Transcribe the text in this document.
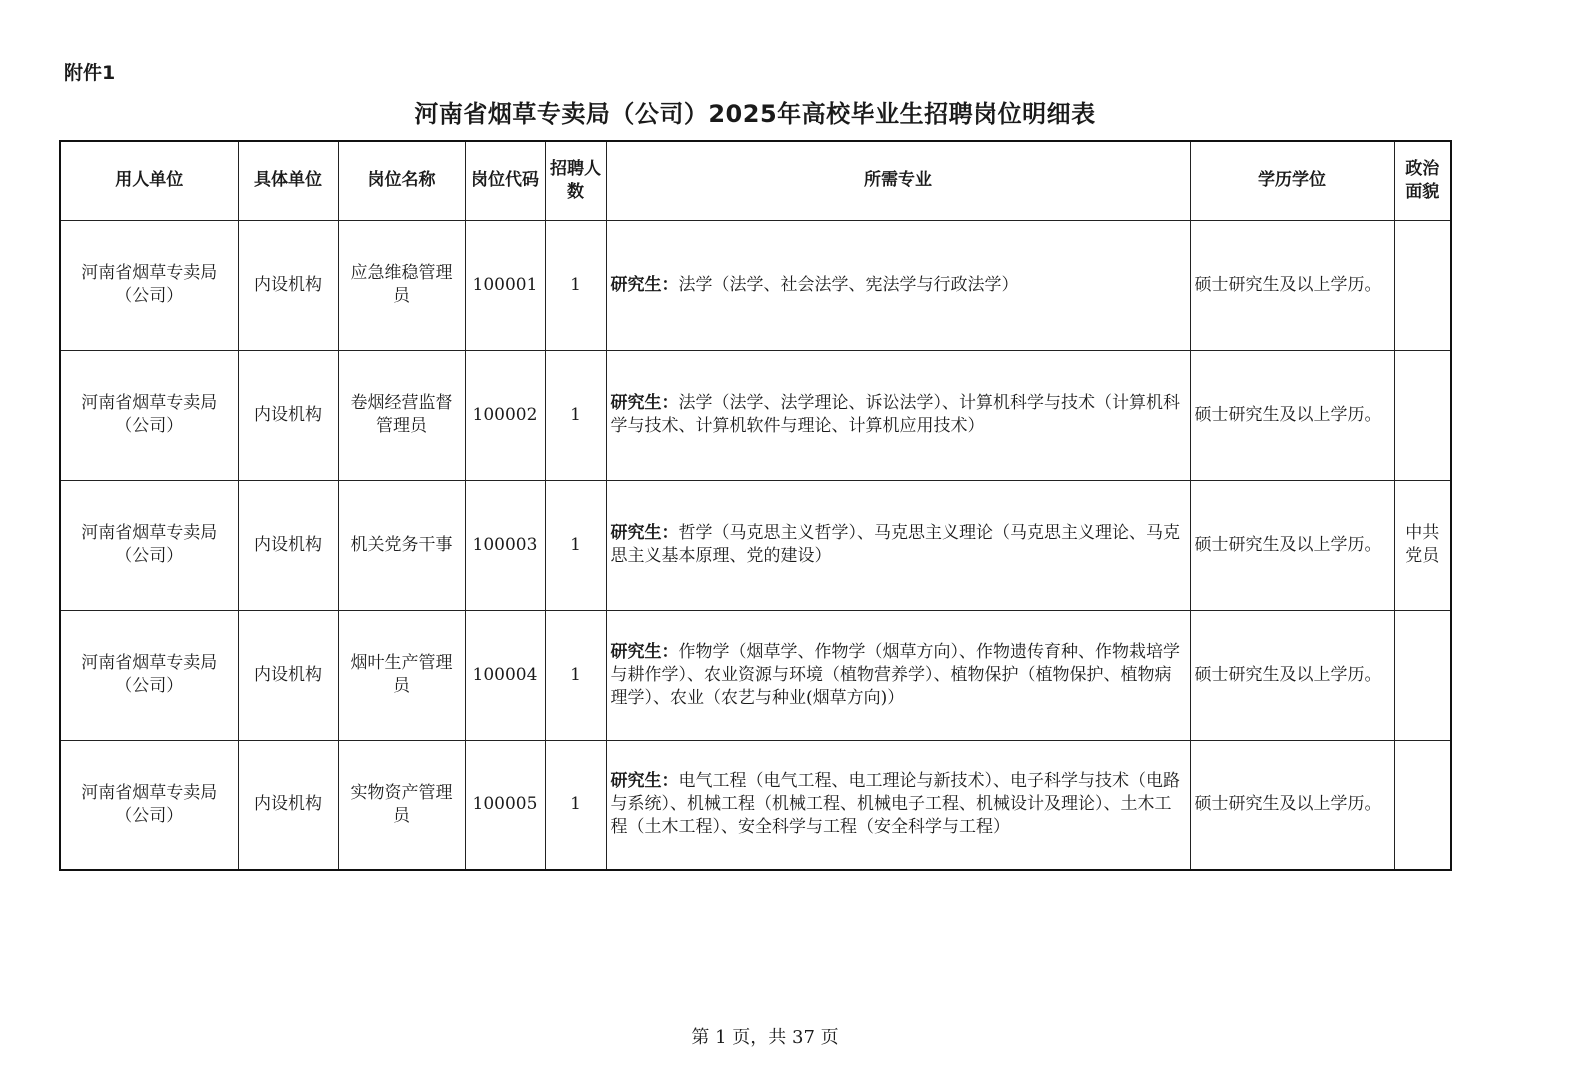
附件1
河南省烟草专卖局（公司）2025年高校毕业生招聘岗位明细表
用人单位	具体单位	岗位名称	岗位代码	招聘人数	所需专业	学历学位	政治面貌
河南省烟草专卖局（公司）	内设机构	应急维稳管理员	100001	1	研究生：法学（法学、社会法学、宪法学与行政法学）	硕士研究生及以上学历。	
河南省烟草专卖局（公司）	内设机构	卷烟经营监督管理员	100002	1	研究生：法学（法学、法学理论、诉讼法学）、计算机科学与技术（计算机科学与技术、计算机软件与理论、计算机应用技术）	硕士研究生及以上学历。	
河南省烟草专卖局（公司）	内设机构	机关党务干事	100003	1	研究生：哲学（马克思主义哲学）、马克思主义理论（马克思主义理论、马克思主义基本原理、党的建设）	硕士研究生及以上学历。	中共党员
河南省烟草专卖局（公司）	内设机构	烟叶生产管理员	100004	1	研究生：作物学（烟草学、作物学（烟草方向）、作物遗传育种、作物栽培学与耕作学）、农业资源与环境（植物营养学）、植物保护（植物保护、植物病理学）、农业（农艺与种业(烟草方向)）	硕士研究生及以上学历。	
河南省烟草专卖局（公司）	内设机构	实物资产管理员	100005	1	研究生：电气工程（电气工程、电工理论与新技术）、电子科学与技术（电路与系统）、机械工程（机械工程、机械电子工程、机械设计及理论）、土木工程（土木工程）、安全科学与工程（安全科学与工程）	硕士研究生及以上学历。	
第 1 页，共 37 页
